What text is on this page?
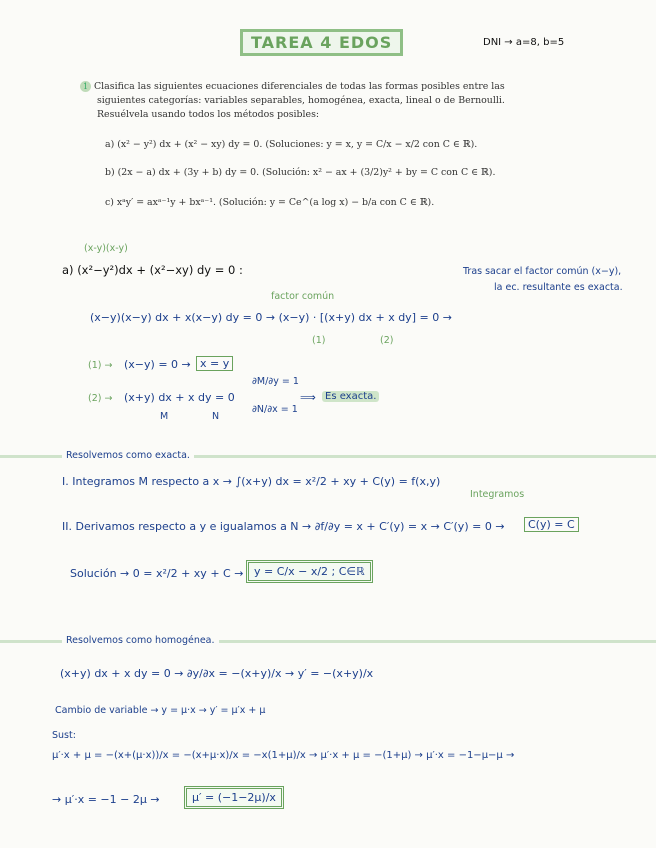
TAREA 4 EDOS	DNI → a=8, b=5
1 Clasifica las siguientes ecuaciones diferenciales de todas las formas posibles entre las
siguientes categorías: variables separables, homogénea, exacta, lineal o de Bernoulli.
Resuélvela usando todos los métodos posibles:
a) (x² − y²) dx + (x² − xy) dy = 0. (Soluciones: y = x, y = C/x − x/2 con C ∈ ℝ).
b) (2x − a) dx + (3y + b) dy = 0. (Solución: x² − ax + (3/2)y² + by = C con C ∈ ℝ).
c) xᵃy′ = axᵃ⁻¹y + bxᵃ⁻¹. (Solución: y = Ce^(a log x) − b/a con C ∈ ℝ).
(x-y)(x-y)
a) (x²−y²)dx + (x²−xy) dy = 0 :	Tras sacar el factor común (x−y),
la ec. resultante es exacta.
factor común
(x−y)(x−y) dx + x(x−y) dy = 0 → (x−y) · [(x+y) dx + x dy] = 0 →
(1)	(2)
(1) → (x−y) = 0 → x = y
(2) → (x+y) dx + x dy = 0
M	N
∂M/∂y = 1
∂N/∂x = 1
⟹ Es exacta.
Resolvemos como exacta.
I. Integramos M respecto a x → ∫(x+y) dx = x²/2 + xy + C(y) = f(x,y)
Integramos
II. Derivamos respecto a y e igualamos a N → ∂f/∂y = x + C′(y) = x → C′(y) = 0 →	C(y) = C
Solución → 0 = x²/2 + xy + C → y = C/x − x/2 ; C∈ℝ
Resolvemos como homogénea.
(x+y) dx + x dy = 0 → ∂y/∂x = −(x+y)/x → y′ = −(x+y)/x
Cambio de variable → y = μ·x → y′ = μ′x + μ
Sust:
μ′·x + μ = −(x+(μ·x))/x = −(x+μ·x)/x = −x(1+μ)/x → μ′·x + μ = −(1+μ) → μ′·x = −1−μ−μ →
→ μ′·x = −1 − 2μ →	μ′ = (−1−2μ)/x
